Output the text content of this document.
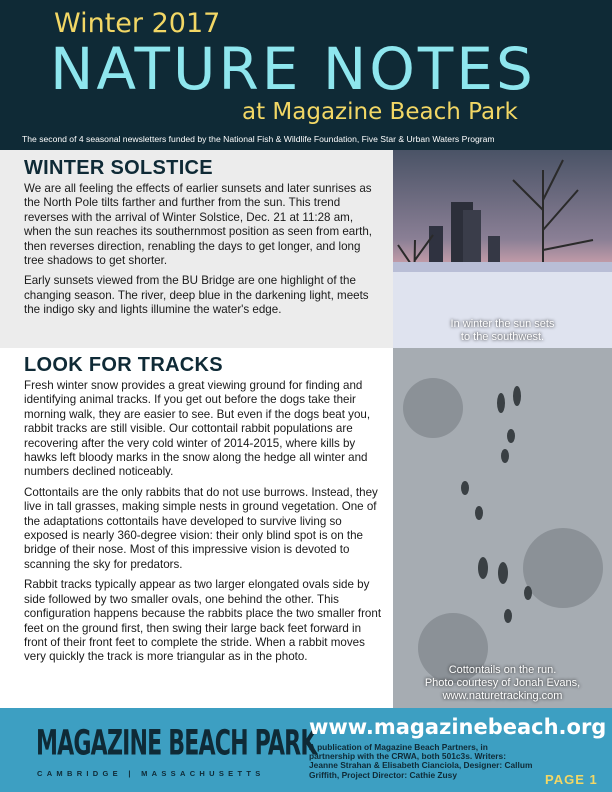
Winter 2017
NATURE NOTES
at Magazine Beach Park
The second of 4 seasonal newsletters funded by the National Fish & Wildlife Foundation, Five Star & Urban Waters Program
WINTER SOLSTICE

We are all feeling the effects of earlier sunsets and later sunrises as the North Pole tilts farther and further from the sun. This trend reverses with the arrival of Winter Solstice, Dec. 21 at 11:28 am, when the sun reaches its southernmost position as seen from earth, then reverses direction, renabling the days to get longer, and long tree shadows to get shorter.

Early sunsets viewed from the BU Bridge are one highlight of the changing season. The river, deep blue in the darkening light, meets the indigo sky and lights illumine the water's edge.

LOOK FOR TRACKS

Fresh winter snow provides a great viewing ground for finding and identifying animal tracks. If you get out before the dogs take their morning walk, they are easier to see. But even if the dogs beat you, rabbit tracks are still visible. Our cottontail rabbit populations are recovering after the very cold winter of 2014-2015, where kills by hawks left bloody marks in the snow along the hedge all winter and numbers declined noticeably.

Cottontails are the only rabbits that do not use burrows. Instead, they live in tall grasses, making simple nests in ground vegetation. One of the adaptations cottontails have developed to survive living so exposed is nearly 360-degree vision: their only blind spot is on the bridge of their nose. Most of this impressive vision is devoted to scanning the sky for predators.

Rabbit tracks typically appear as two larger elongated ovals side by side followed by two smaller ovals, one behind the other. This configuration happens because the rabbits place the two smaller front feet on the ground first, then swing their large back feet forward in front of their front feet to complete the stride. When a rabbit moves very quickly the track is more triangular as in the photo.

In winter the sun sets
to the southwest.
Cottontails on the run.
Photo courtesy of Jonah Evans,
www.naturetracking.com
MAGAZINE BEACH PARK
CAMBRIDGE | MASSACHUSETTS
www.magazinebeach.org
A publication of Magazine Beach Partners, in partnership with the CRWA, both 501c3s. Writers: Jeanne Strahan & Elisabeth Cianciola, Designer: Callum Griffith, Project Director: Cathie Zusy	PAGE 1
